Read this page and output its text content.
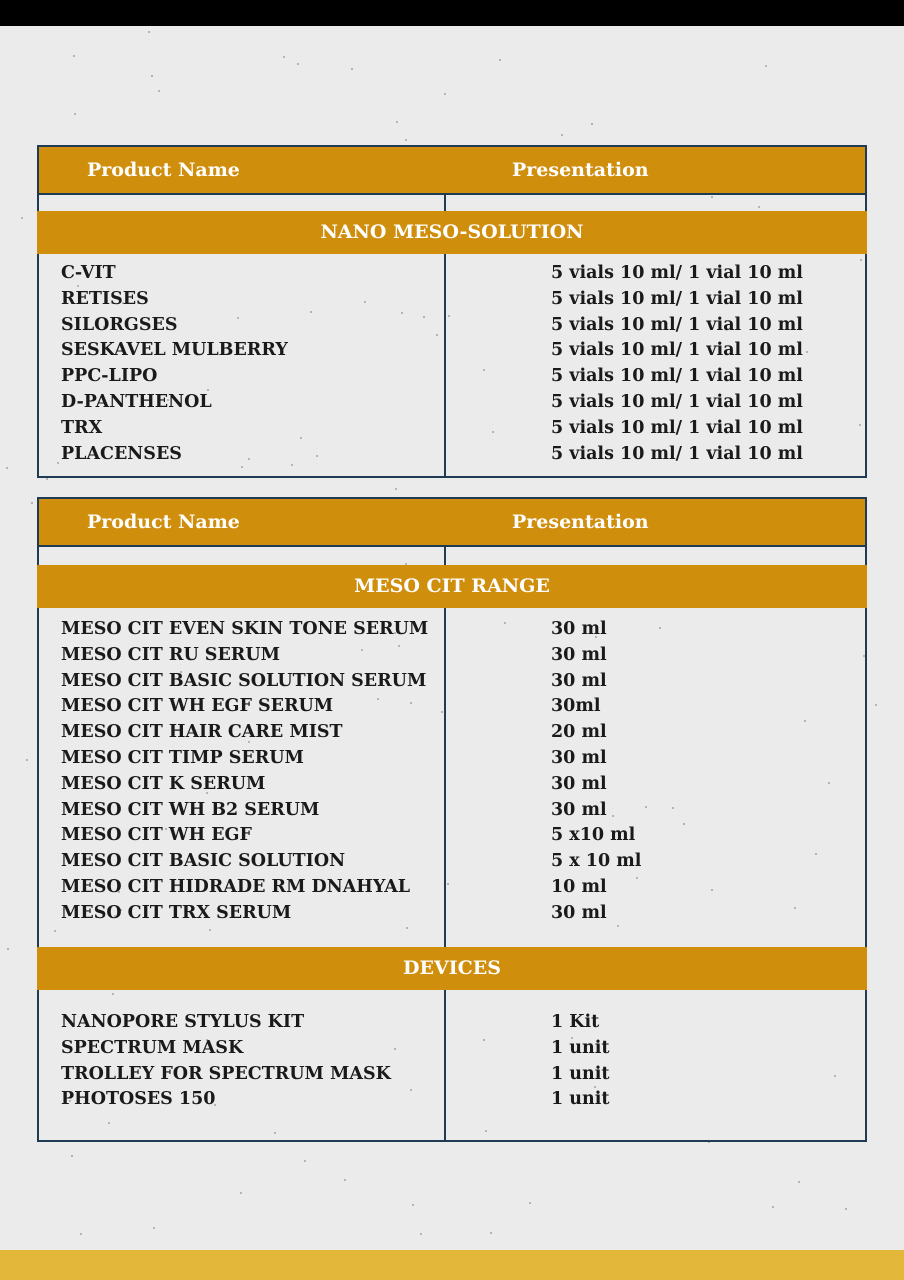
Product Name	Presentation
NANO MESO-SOLUTION
C-VIT	5 vials 10 ml/ 1 vial 10 ml
RETISES	5 vials 10 ml/ 1 vial 10 ml
SILORGSES	5 vials 10 ml/ 1 vial 10 ml
SESKAVEL MULBERRY	5 vials 10 ml/ 1 vial 10 ml
PPC-LIPO	5 vials 10 ml/ 1 vial 10 ml
D-PANTHENOL	5 vials 10 ml/ 1 vial 10 ml
TRX	5 vials 10 ml/ 1 vial 10 ml
PLACENSES	5 vials 10 ml/ 1 vial 10 ml
Product Name	Presentation
MESO CIT RANGE
MESO CIT EVEN SKIN TONE SERUM	30 ml
MESO CIT RU SERUM	30 ml
MESO CIT BASIC SOLUTION SERUM	30 ml
MESO CIT WH EGF SERUM	30ml
MESO CIT HAIR CARE MIST	20 ml
MESO CIT TIMP SERUM	30 ml
MESO CIT K SERUM	30 ml
MESO CIT WH B2 SERUM	30 ml
MESO CIT WH EGF	5 x10 ml
MESO CIT BASIC SOLUTION	5 x 10 ml
MESO CIT HIDRADE RM DNAHYAL	10 ml
MESO CIT TRX SERUM	30 ml
DEVICES
NANOPORE STYLUS KIT	1 Kit
SPECTRUM MASK	1 unit
TROLLEY FOR SPECTRUM MASK	1 unit
PHOTOSES 150	1 unit
